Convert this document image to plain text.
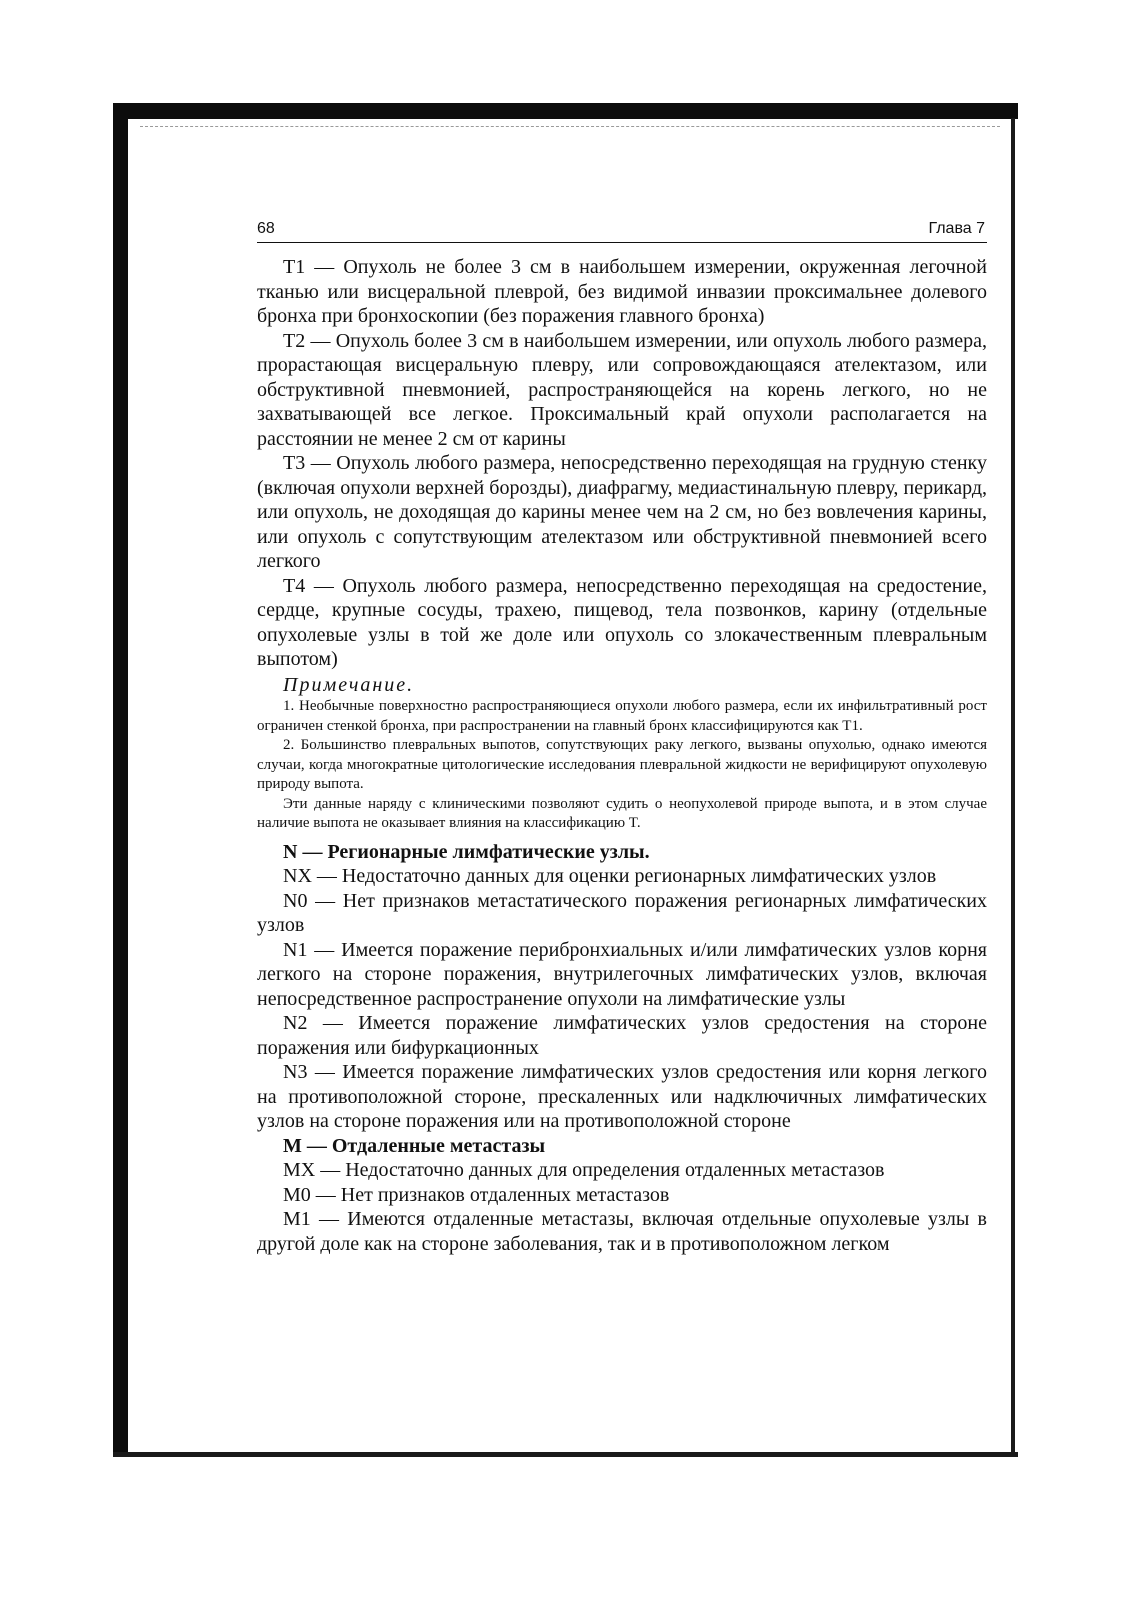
68	Глава 7

T1 — Опухоль не более 3 см в наибольшем измерении, окруженная легочной тканью или висцеральной плеврой, без видимой инвазии проксимальнее долевого бронха при бронхоскопии (без поражения главного бронха)

T2 — Опухоль более 3 см в наибольшем измерении, или опухоль любого размера, прорастающая висцеральную плевру, или сопровождающаяся ателектазом, или обструктивной пневмонией, распространяющейся на корень легкого, но не захватывающей все легкое. Проксимальный край опухоли располагается на расстоянии не менее 2 см от карины

T3 — Опухоль любого размера, непосредственно переходящая на грудную стенку (включая опухоли верхней борозды), диафрагму, медиастинальную плевру, перикард, или опухоль, не доходящая до карины менее чем на 2 см, но без вовлечения карины, или опухоль с сопутствующим ателектазом или обструктивной пневмонией всего легкого

T4 — Опухоль любого размера, непосредственно переходящая на средостение, сердце, крупные сосуды, трахею, пищевод, тела позвонков, карину (отдельные опухолевые узлы в той же доле или опухоль со злокачественным плевральным выпотом)

Примечание.

1. Необычные поверхностно распространяющиеся опухоли любого размера, если их инфильтративный рост ограничен стенкой бронха, при распространении на главный бронх классифицируются как T1.

2. Большинство плевральных выпотов, сопутствующих раку легкого, вызваны опухолью, однако имеются случаи, когда многократные цитологические исследования плевральной жидкости не верифицируют опухолевую природу выпота.

Эти данные наряду с клиническими позволяют судить о неопухолевой природе выпота, и в этом случае наличие выпота не оказывает влияния на классификацию T.

N — Регионарные лимфатические узлы.

NX — Недостаточно данных для оценки регионарных лимфатических узлов

N0 — Нет признаков метастатического поражения регионарных лимфатических узлов

N1 — Имеется поражение перибронхиальных и/или лимфатических узлов корня легкого на стороне поражения, внутрилегочных лимфатических узлов, включая непосредственное распространение опухоли на лимфатические узлы

N2 — Имеется поражение лимфатических узлов средостения на стороне поражения или бифуркационных

N3 — Имеется поражение лимфатических узлов средостения или корня легкого на противоположной стороне, прескаленных или надключичных лимфатических узлов на стороне поражения или на противоположной стороне

M — Отдаленные метастазы

MX — Недостаточно данных для определения отдаленных метастазов

M0 — Нет признаков отдаленных метастазов

M1 — Имеются отдаленные метастазы, включая отдельные опухолевые узлы в другой доле как на стороне заболевания, так и в противоположном легком
